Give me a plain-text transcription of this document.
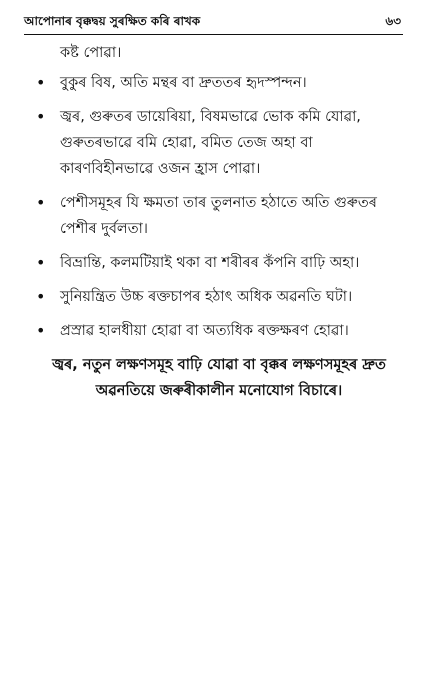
আপোনাৰ বৃক্কদ্বয় সুৰক্ষিত কৰি ৰাখক	৬৩

কষ্ট পোৱা।

• বুকুৰ বিষ, অতি মন্থৰ বা দ্ৰুততৰ হৃদস্পন্দন।
• জ্বৰ, গুৰুতৰ ডায়েৰিয়া, বিষমভাৱে ভোক কমি যোৱা, গুৰুতৰভাৱে বমি হোৱা, বমিত তেজ অহা বা কাৰণবিহীনভাৱে ওজন হ্ৰাস পোৱা।
• পেশীসমূহৰ যি ক্ষমতা তাৰ তুলনাত হঠাতে অতি গুৰুতৰ পেশীৰ দুৰ্বলতা।
• বিভ্ৰান্তি, কলমটিয়াই থকা বা শৰীৰৰ কঁপনি বাঢ়ি অহা।
• সুনিয়ন্ত্ৰিত উচ্চ ৰক্তচাপৰ হঠাৎ অধিক অৱনতি ঘটা।
• প্ৰস্ৰাৱ হালধীয়া হোৱা বা অত্যধিক ৰক্তক্ষৰণ হোৱা।

জ্বৰ, নতুন লক্ষণসমূহ বাঢ়ি যোৱা বা বৃক্কৰ লক্ষণসমূহৰ দ্ৰুত অৱনতিয়ে জৰুৰীকালীন মনোযোগ বিচাৰে।
